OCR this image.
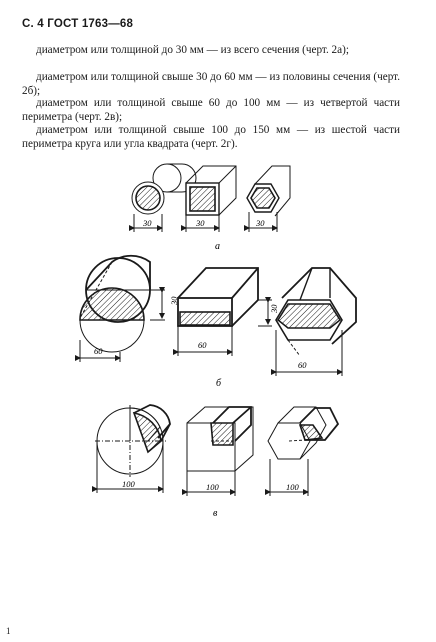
С. 4 ГОСТ 1763—68
диаметром или толщиной до 30 мм — из всего сечения (черт. 2а);
диаметром или толщиной свыше 30 до 60 мм — из половины сечения (черт. 2б);
диаметром или толщиной свыше 60 до 100 мм — из четвертой части периметра (черт. 2в);
диаметром или толщиной свыше 100 до 150 мм — из шестой части периметра круга или угла квадрата (черт. 2г).
30	30	30
а
60
60
60
30
30
б
100	100	100
в
1
